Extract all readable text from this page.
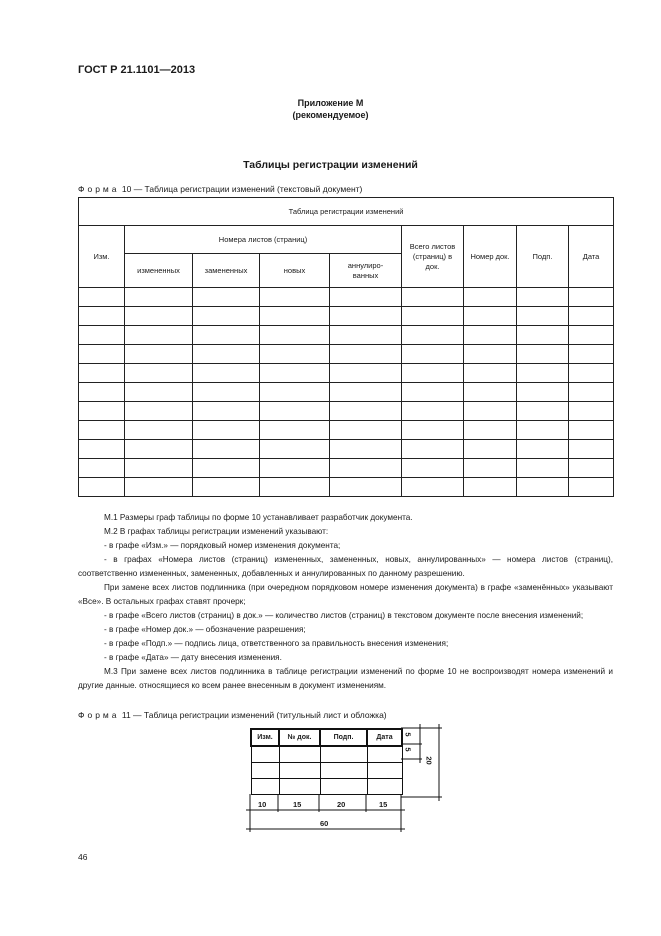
ГОСТ Р 21.1101—2013
Приложение М
(рекомендуемое)
Таблицы регистрации изменений
Форма 10 — Таблица регистрации изменений (текстовый документ)
Таблица регистрации изменений								
Изм.	Номера листов (страниц)				Всего листов (страниц) в док.	Номер док.	Подп.	Дата
	измененных	замененных	новых	аннулиро-ванных				

М.1 Размеры граф таблицы по форме 10 устанавливает разработчик документа.

М.2 В графах таблицы регистрации изменений указывают:

- в графе «Изм.» — порядковый номер изменения документа;

- в графах «Номера листов (страниц) измененных, замененных, новых, аннулированных» — номера листов (страниц), соответственно измененных, замененных, добавленных и аннулированных по данному разрешению.

При замене всех листов подлинника (при очередном порядковом номере изменения документа) в графе «заменённых» указывают «Все». В остальных графах ставят прочерк;

- в графе «Всего листов (страниц) в док.» — количество листов (страниц) в текстовом документе после внесения изменений;

- в графе «Номер док.» — обозначение разрешения;

- в графе «Подп.» — подпись лица, ответственного за правильность внесения изменения;

- в графе «Дата» — дату внесения изменения.

М.3 При замене всех листов подлинника в таблице регистрации изменений по форме 10 не воспроизводят номера изменений и другие данные. относящиеся ко всем ранее внесенным в документ изменениям.

Форма 11 — Таблица регистрации изменений (титульный лист и обложка)
Изм.	№ док.	Подп.	Дата

10	15	20	15
60
5
5
20
46
